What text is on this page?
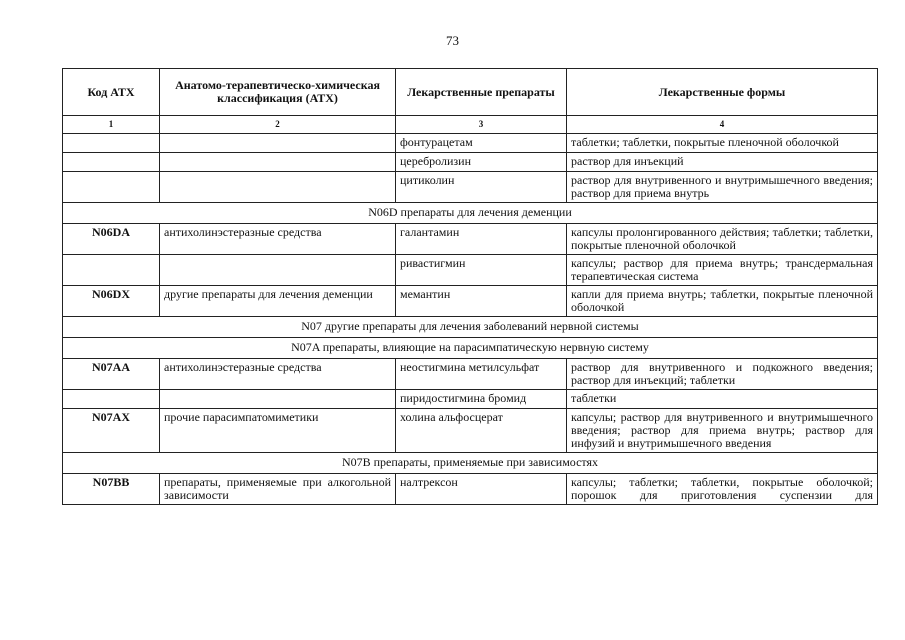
73
Код АТХ	Анатомо-терапевтическо-химическая классификация (АТХ)	Лекарственные препараты	Лекарственные формы
1	2	3	4
		фонтурацетам	таблетки; таблетки, покрытые пленочной оболочкой
		церебролизин	раствор для инъекций
		цитиколин	раствор для внутривенного и внутримышечного введения; раствор для приема внутрь
N06D препараты для лечения деменции			
N06DA	антихолинэстеразные средства	галантамин	капсулы пролонгированного действия; таблетки; таблетки, покрытые пленочной оболочкой
		ривастигмин	капсулы; раствор для приема внутрь; трансдермальная терапевтическая система
N06DX	другие препараты для лечения деменции	мемантин	капли для приема внутрь; таблетки, покрытые пленочной оболочкой
N07 другие препараты для лечения заболеваний нервной системы			
N07A препараты, влияющие на парасимпатическую нервную систему			
N07AA	антихолинэстеразные средства	неостигмина метилсульфат	раствор для внутривенного и подкожного введения; раствор для инъекций; таблетки
		пиридостигмина бромид	таблетки
N07AX	прочие парасимпатомиметики	холина альфосцерат	капсулы; раствор для внутривенного и внутримышечного введения; раствор для приема внутрь; раствор для инфузий и внутримышечного введения
N07B препараты, применяемые при зависимостях			
N07BB	препараты, применяемые при алкогольной зависимости	налтрексон	капсулы; таблетки; таблетки, покрытые оболочкой; порошок для приготовления суспензии для
